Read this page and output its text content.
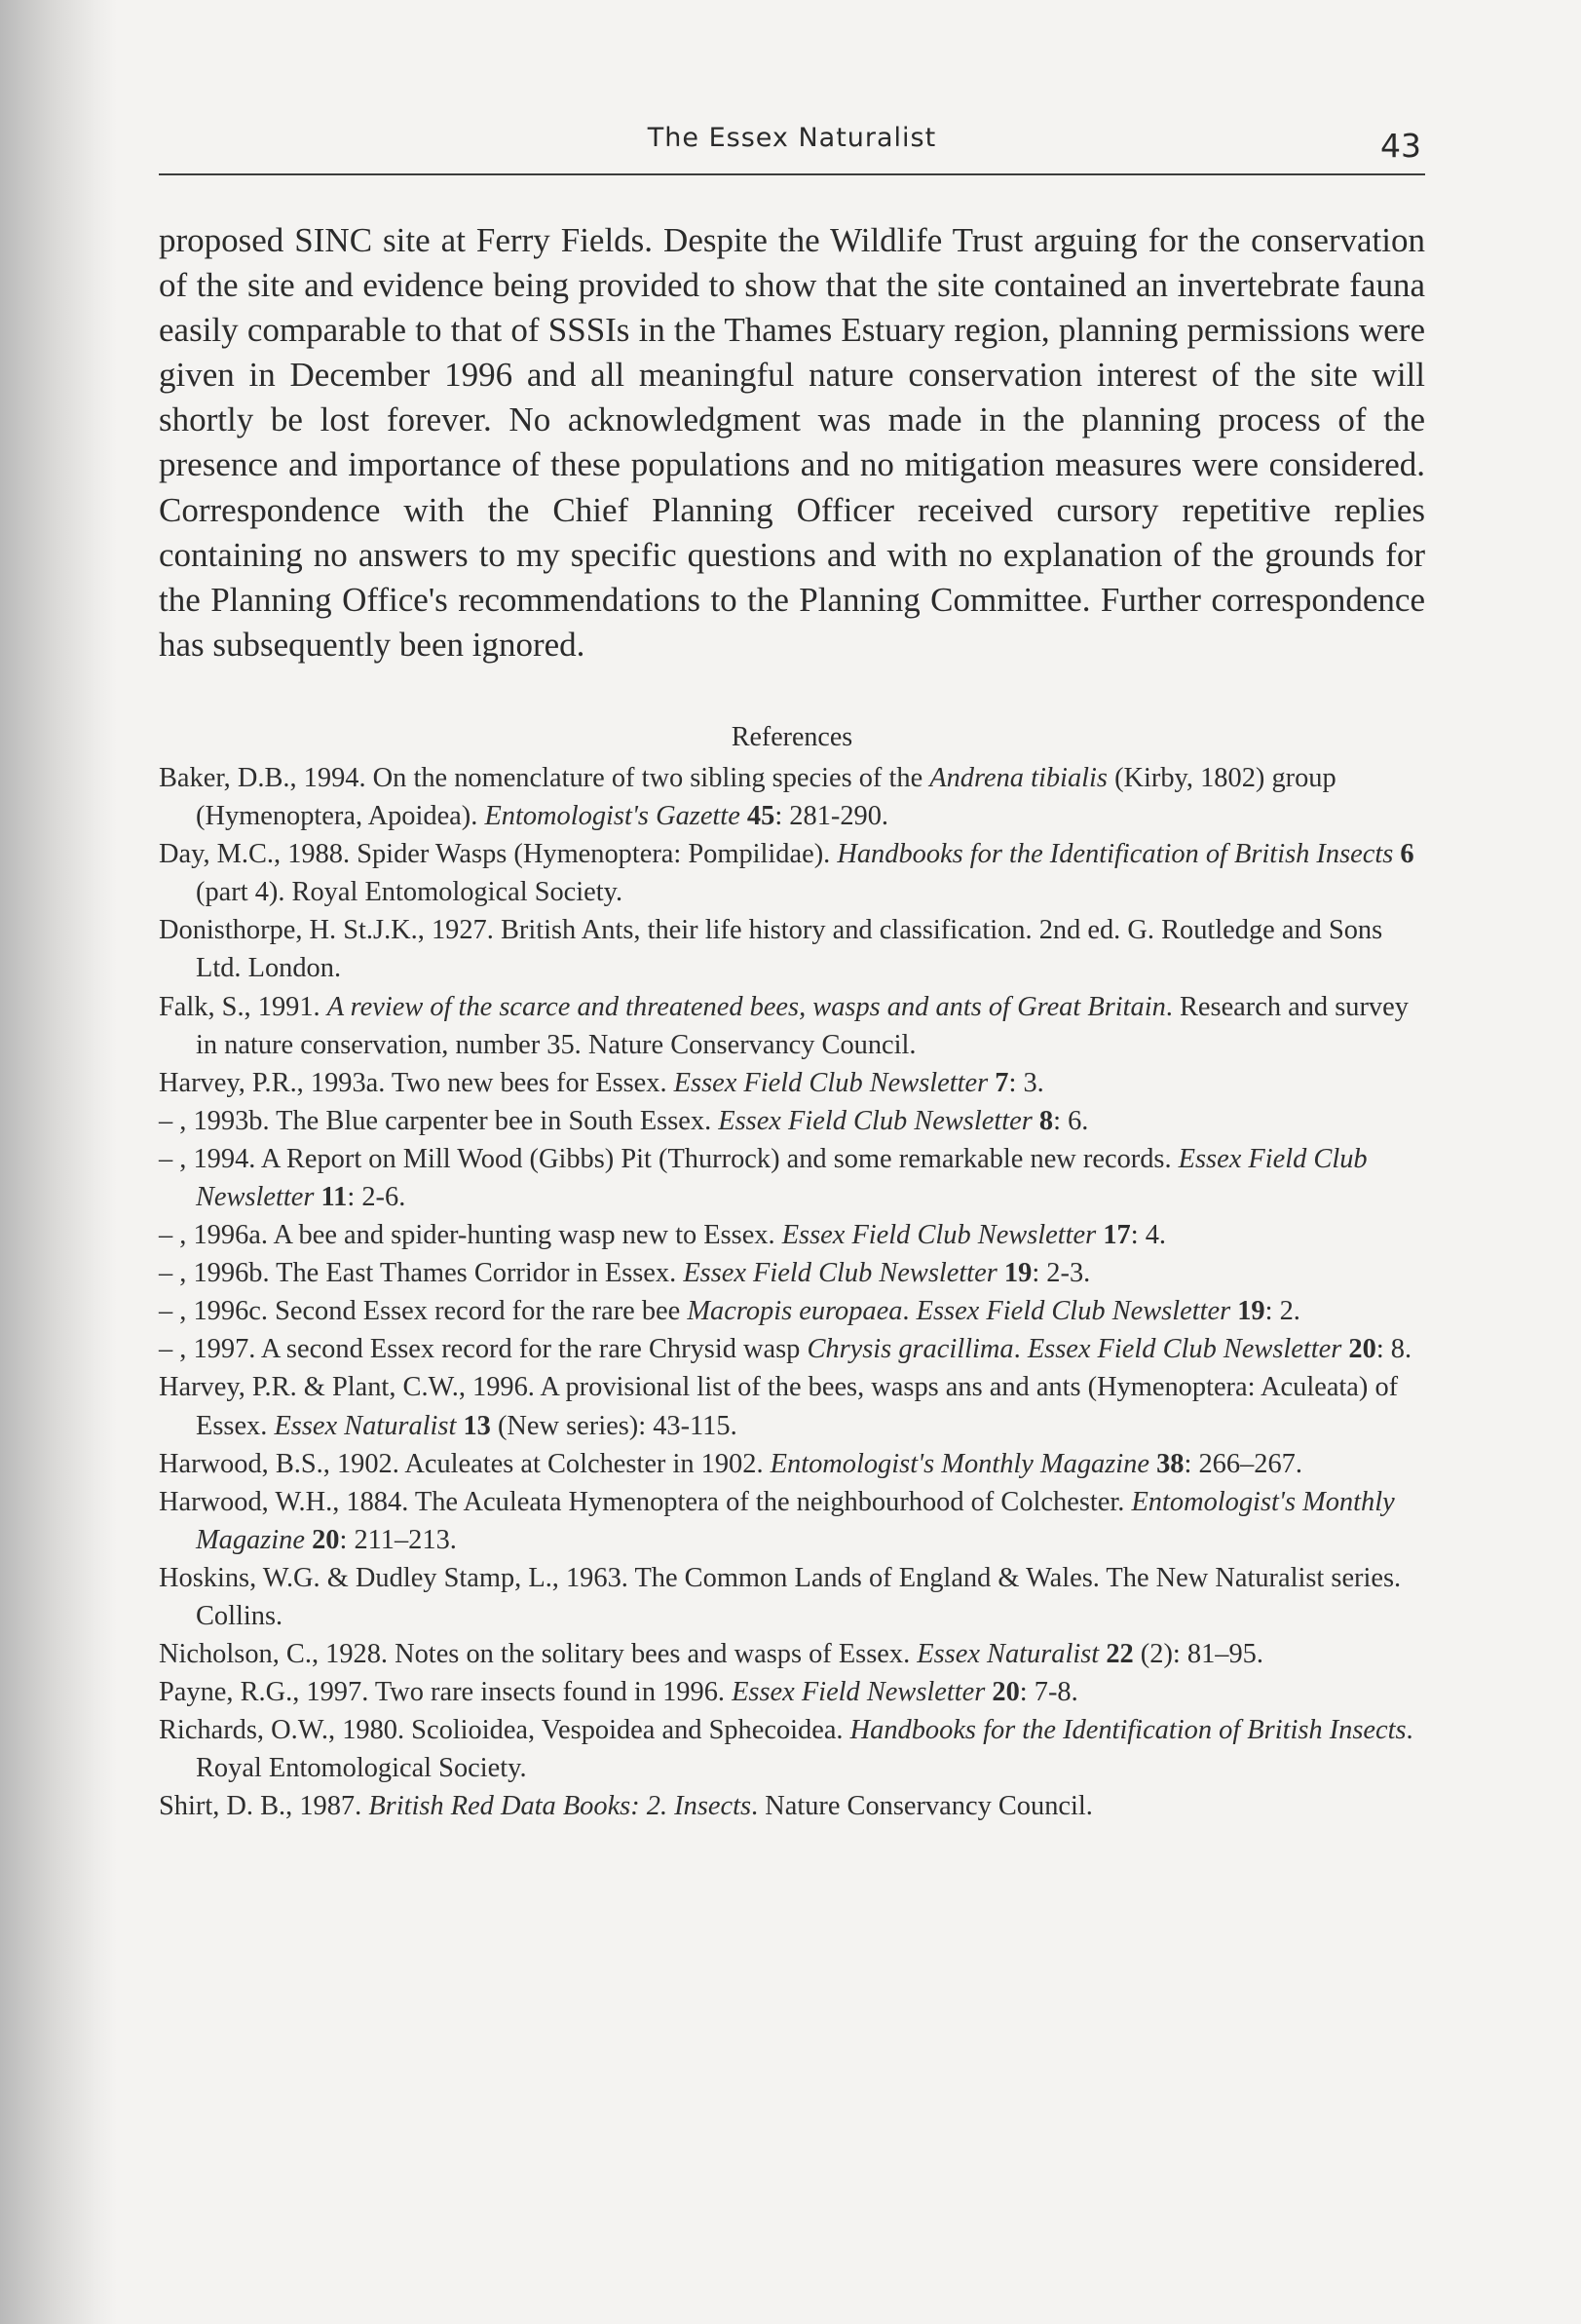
The Essex Naturalist	43

proposed SINC site at Ferry Fields. Despite the Wildlife Trust arguing for the conservation of the site and evidence being provided to show that the site contained an invertebrate fauna easily comparable to that of SSSIs in the Thames Estuary region, planning permissions were given in December 1996 and all meaningful nature conservation interest of the site will shortly be lost forever. No acknowledgment was made in the planning process of the presence and importance of these populations and no mitigation measures were considered. Correspondence with the Chief Planning Officer received cursory repetitive replies containing no answers to my specific questions and with no explanation of the grounds for the Planning Office's recommendations to the Planning Committee. Further correspondence has subsequently been ignored.

References
Baker, D.B., 1994. On the nomenclature of two sibling species of the Andrena tibialis (Kirby, 1802) group (Hymenoptera, Apoidea). Entomologist's Gazette 45: 281-290.
Day, M.C., 1988. Spider Wasps (Hymenoptera: Pompilidae). Handbooks for the Identification of British Insects 6 (part 4). Royal Entomological Society.
Donisthorpe, H. St.J.K., 1927. British Ants, their life history and classification. 2nd ed. G. Routledge and Sons Ltd. London.
Falk, S., 1991. A review of the scarce and threatened bees, wasps and ants of Great Britain. Research and survey in nature conservation, number 35. Nature Conservancy Council.
Harvey, P.R., 1993a. Two new bees for Essex. Essex Field Club Newsletter 7: 3.
– , 1993b. The Blue carpenter bee in South Essex. Essex Field Club Newsletter 8: 6.
– , 1994. A Report on Mill Wood (Gibbs) Pit (Thurrock) and some remarkable new records. Essex Field Club Newsletter 11: 2-6.
– , 1996a. A bee and spider-hunting wasp new to Essex. Essex Field Club Newsletter 17: 4.
– , 1996b. The East Thames Corridor in Essex. Essex Field Club Newsletter 19: 2-3.
– , 1996c. Second Essex record for the rare bee Macropis europaea. Essex Field Club Newsletter 19: 2.
– , 1997. A second Essex record for the rare Chrysid wasp Chrysis gracillima. Essex Field Club Newsletter 20: 8.
Harvey, P.R. & Plant, C.W., 1996. A provisional list of the bees, wasps ans and ants (Hymenoptera: Aculeata) of Essex. Essex Naturalist 13 (New series): 43-115.
Harwood, B.S., 1902. Aculeates at Colchester in 1902. Entomologist's Monthly Magazine 38: 266–267.
Harwood, W.H., 1884. The Aculeata Hymenoptera of the neighbourhood of Colchester. Entomologist's Monthly Magazine 20: 211–213.
Hoskins, W.G. & Dudley Stamp, L., 1963. The Common Lands of England & Wales. The New Naturalist series. Collins.
Nicholson, C., 1928. Notes on the solitary bees and wasps of Essex. Essex Naturalist 22 (2): 81–95.
Payne, R.G., 1997. Two rare insects found in 1996. Essex Field Newsletter 20: 7-8.
Richards, O.W., 1980. Scolioidea, Vespoidea and Sphecoidea. Handbooks for the Identification of British Insects. Royal Entomological Society.
Shirt, D. B., 1987. British Red Data Books: 2. Insects. Nature Conservancy Council.
